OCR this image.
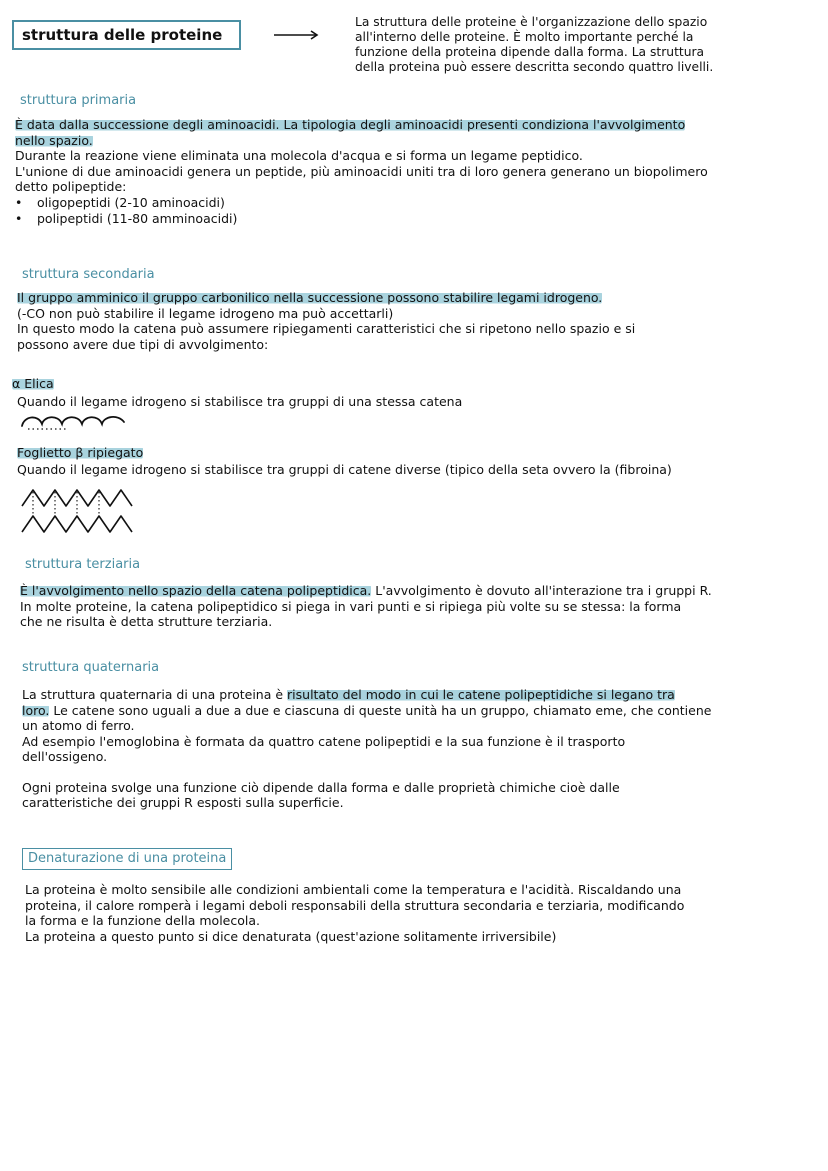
struttura delle proteine
La struttura delle proteine è l'organizzazione dello spazio
all'interno delle proteine. È molto importante perché la
funzione della proteina dipende dalla forma. La struttura
della proteina può essere descritta secondo quattro livelli.
struttura primaria
È data dalla successione degli aminoacidi. La tipologia degli aminoacidi presenti condiziona l'avvolgimento
nello spazio.
Durante la reazione viene eliminata una molecola d'acqua e si forma un legame peptidico.
L'unione di due aminoacidi genera un peptide, più aminoacidi uniti tra di loro genera generano un biopolimero
detto polipeptide:
• oligopeptidi (2-10 aminoacidi)
• polipeptidi (11-80 amminoacidi)
struttura secondaria
Il gruppo amminico il gruppo carbonilico nella successione possono stabilire legami idrogeno.
(-CO non può stabilire il legame idrogeno ma può accettarli)
In questo modo la catena può assumere ripiegamenti caratteristici che si ripetono nello spazio e si
possono avere due tipi di avvolgimento:
α Elica
Quando il legame idrogeno si stabilisce tra gruppi di una stessa catena
Foglietto β ripiegato
Quando il legame idrogeno si stabilisce tra gruppi di catene diverse (tipico della seta ovvero la (fibroina)
struttura terziaria
È l'avvolgimento nello spazio della catena polipeptidica. L'avvolgimento è dovuto all'interazione tra i gruppi R.
In molte proteine, la catena polipeptidico si piega in vari punti e si ripiega più volte su se stessa: la forma
che ne risulta è detta strutture terziaria.
struttura quaternaria
La struttura quaternaria di una proteina è risultato del modo in cui le catene polipeptidiche si legano tra
loro. Le catene sono uguali a due a due e ciascuna di queste unità ha un gruppo, chiamato eme, che contiene
un atomo di ferro.
Ad esempio l'emoglobina è formata da quattro catene polipeptidi e la sua funzione è il trasporto
dell'ossigeno.
Ogni proteina svolge una funzione ciò dipende dalla forma e dalle proprietà chimiche cioè dalle
caratteristiche dei gruppi R esposti sulla superficie.
Denaturazione di una proteina
La proteina è molto sensibile alle condizioni ambientali come la temperatura e l'acidità. Riscaldando una
proteina, il calore romperà i legami deboli responsabili della struttura secondaria e terziaria, modificando
la forma e la funzione della molecola.
La proteina a questo punto si dice denaturata (quest'azione solitamente irriversibile)
